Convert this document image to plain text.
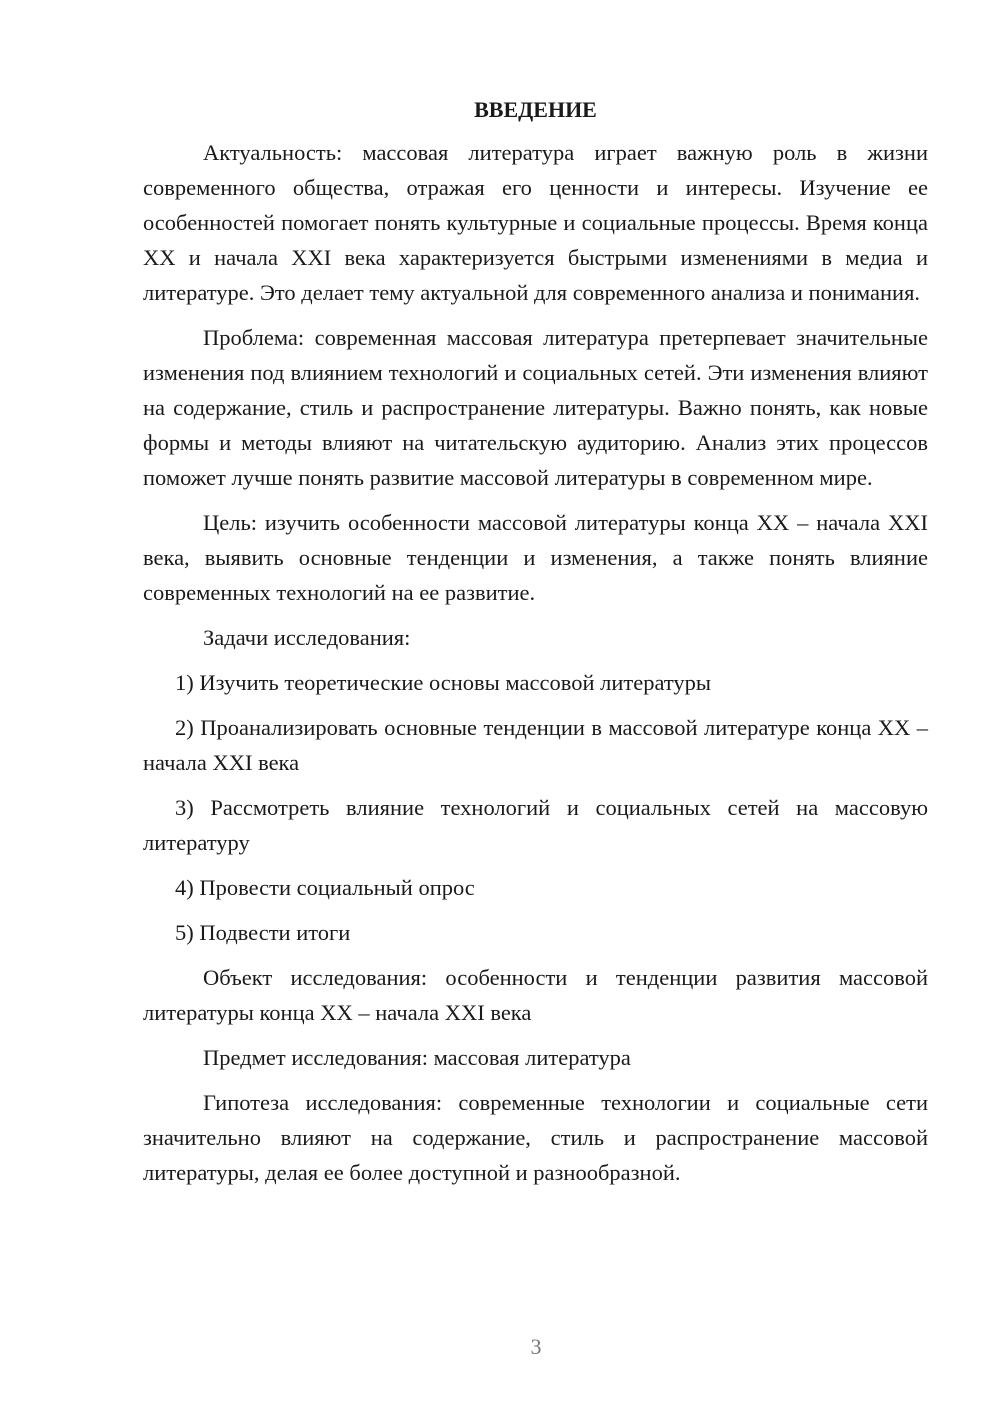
ВВЕДЕНИЕ

Актуальность: массовая литература играет важную роль в жизни современного общества, отражая его ценности и интересы. Изучение ее особенностей помогает понять культурные и социальные процессы. Время конца XX и начала XXI века характеризуется быстрыми изменениями в медиа и литературе. Это делает тему актуальной для современного анализа и понимания.

Проблема: современная массовая литература претерпевает значительные изменения под влиянием технологий и социальных сетей. Эти изменения влияют на содержание, стиль и распространение литературы. Важно понять, как новые формы и методы влияют на читательскую аудиторию. Анализ этих процессов поможет лучше понять развитие массовой литературы в современном мире.

Цель: изучить особенности массовой литературы конца XX – начала XXI века, выявить основные тенденции и изменения, а также понять влияние современных технологий на ее развитие.

Задачи исследования:

1) Изучить теоретические основы массовой литературы

2) Проанализировать основные тенденции в массовой литературе конца XX – начала XXI века

3) Рассмотреть влияние технологий и социальных сетей на массовую литературу

4) Провести социальный опрос

5) Подвести итоги

Объект исследования: особенности и тенденции развития массовой литературы конца XX – начала XXI века

Предмет исследования: массовая литература

Гипотеза исследования: современные технологии и социальные сети значительно влияют на содержание, стиль и распространение массовой литературы, делая ее более доступной и разнообразной.

3
